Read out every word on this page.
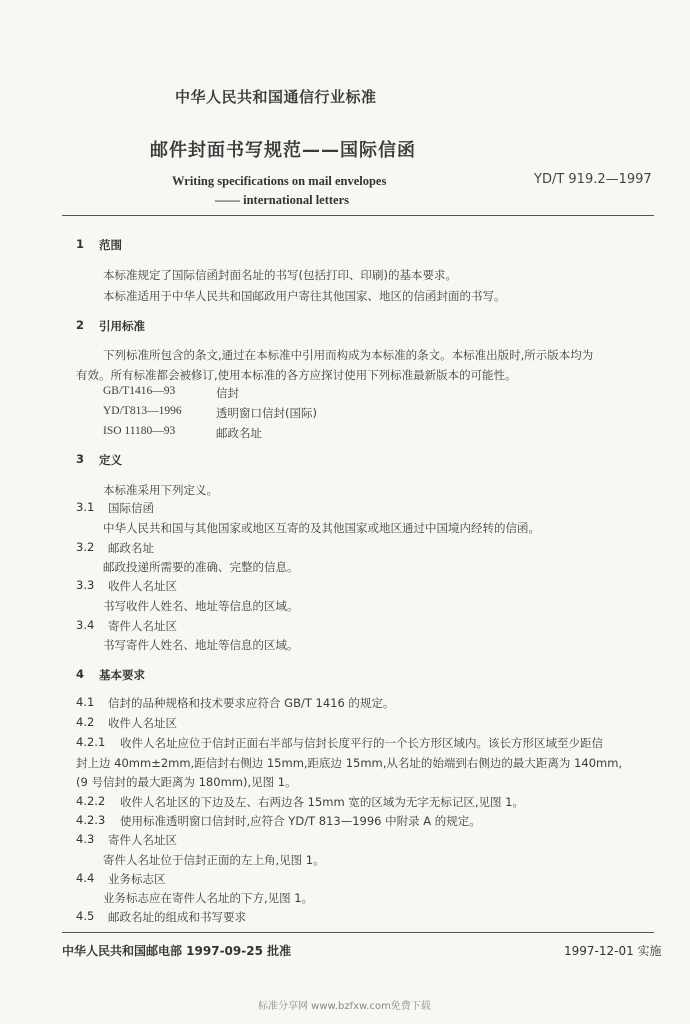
中华人民共和国通信行业标准
邮件封面书写规范——国际信函
Writing specifications on mail envelopes
—— international letters
YD/T 919.2—1997
1 范围
本标准规定了国际信函封面名址的书写(包括打印、印刷)的基本要求。
本标准适用于中华人民共和国邮政用户寄往其他国家、地区的信函封面的书写。
2 引用标准
下列标准所包含的条文,通过在本标准中引用而构成为本标准的条文。本标准出版时,所示版本均为
有效。所有标准都会被修订,使用本标准的各方应探讨使用下列标准最新版本的可能性。
GB/T1416—93	信封
YD/T813—1996	透明窗口信封(国际)
ISO 11180—93	邮政名址
3 定义
本标准采用下列定义。
3.1 国际信函
中华人民共和国与其他国家或地区互寄的及其他国家或地区通过中国境内经转的信函。
3.2 邮政名址
邮政投递所需要的准确、完整的信息。
3.3 收件人名址区
书写收件人姓名、地址等信息的区域。
3.4 寄件人名址区
书写寄件人姓名、地址等信息的区域。
4 基本要求
4.1 信封的品种规格和技术要求应符合 GB/T 1416 的规定。
4.2 收件人名址区
4.2.1 收件人名址应位于信封正面右半部与信封长度平行的一个长方形区域内。该长方形区域至少距信
封上边 40mm±2mm,距信封右侧边 15mm,距底边 15mm,从名址的始端到右侧边的最大距离为 140mm,
(9 号信封的最大距离为 180mm),见图 1。
4.2.2 收件人名址区的下边及左、右两边各 15mm 宽的区域为无字无标记区,见图 1。
4.2.3 使用标准透明窗口信封时,应符合 YD/T 813—1996 中附录 A 的规定。
4.3 寄件人名址区
寄件人名址位于信封正面的左上角,见图 1。
4.4 业务标志区
业务标志应在寄件人名址的下方,见图 1。
4.5 邮政名址的组成和书写要求
中华人民共和国邮电部 1997-09-25 批准	1997-12-01 实施
标准分享网 www.bzfxw.com免费下载
